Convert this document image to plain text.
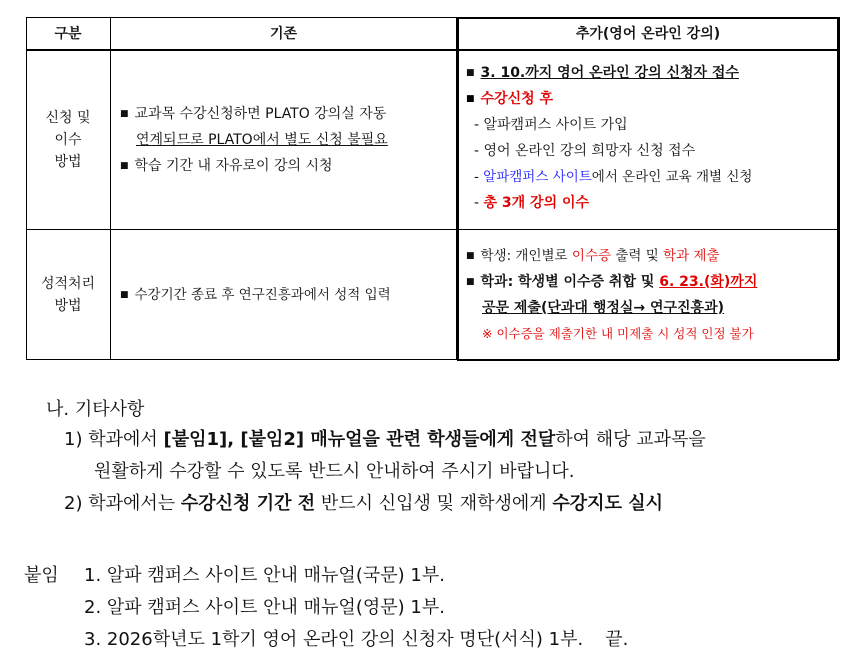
구분	기존	추가(영어 온라인 강의)
신청 및
이수
방법
■ 교과목 수강신청하면 PLATO 강의실 자동
연계되므로 PLATO에서 별도 신청 불필요
■ 학습 기간 내 자유로이 강의 시청
■ 3. 10.까지 영어 온라인 강의 신청자 접수
■ 수강신청 후
- 알파캠퍼스 사이트 가입
- 영어 온라인 강의 희망자 신청 접수
- 알파캠퍼스 사이트에서 온라인 교육 개별 신청
- 총 3개 강의 이수
성적처리
방법
■ 수강기간 종료 후 연구진흥과에서 성적 입력
■ 학생: 개인별로 이수증 출력 및 학과 제출
■ 학과: 학생별 이수증 취합 및 6. 23.(화)까지
공문 제출(단과대 행정실→ 연구진흥과)
※ 이수증을 제출기한 내 미제출 시 성적 인정 불가
나. 기타사항
1) 학과에서 [붙임1], [붙임2] 매뉴얼을 관련 학생들에게 전달하여 해당 교과목을
원활하게 수강할 수 있도록 반드시 안내하여 주시기 바랍니다.
2) 학과에서는 수강신청 기간 전 반드시 신입생 및 재학생에게 수강지도 실시
붙임 1. 알파 캠퍼스 사이트 안내 매뉴얼(국문) 1부.
2. 알파 캠퍼스 사이트 안내 매뉴얼(영문) 1부.
3. 2026학년도 1학기 영어 온라인 강의 신청자 명단(서식) 1부. 끝.
